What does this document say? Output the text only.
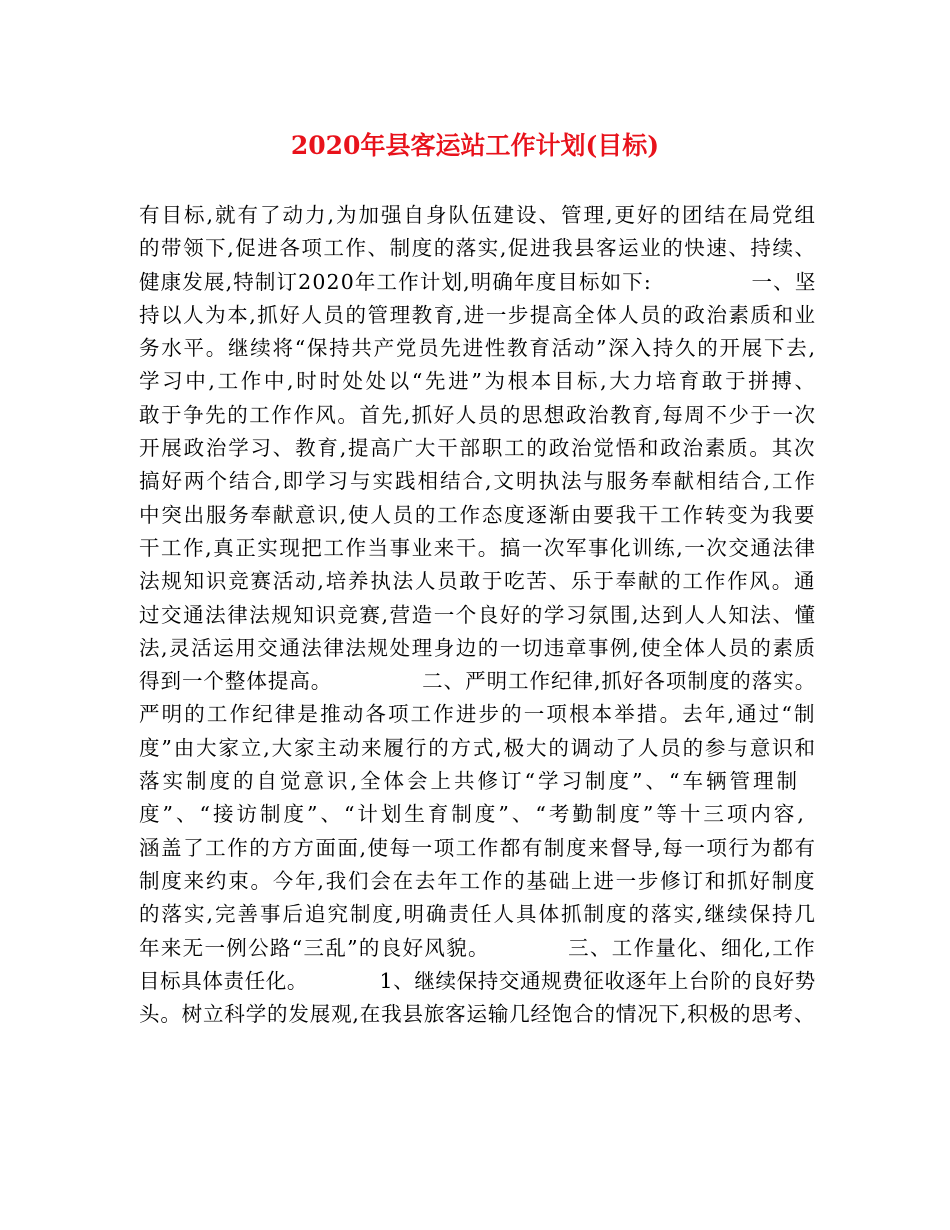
2020年县客运站工作计划(目标)
有目标,就有了动力,为加强自身队伍建设、管理,更好的团结在局党组
的带领下,促进各项工作、制度的落实,促进我县客运业的快速、持续、
健康发展,特制订2020年工作计划,明确年度目标如下:             一、坚
持以人为本,抓好人员的管理教育,进一步提高全体人员的政治素质和业
务水平。继续将“保持共产党员先进性教育活动”深入持久的开展下去,
学习中,工作中,时时处处以“先进”为根本目标,大力培育敢于拼搏、
敢于争先的工作作风。首先,抓好人员的思想政治教育,每周不少于一次
开展政治学习、教育,提高广大干部职工的政治觉悟和政治素质。其次
搞好两个结合,即学习与实践相结合,文明执法与服务奉献相结合,工作
中突出服务奉献意识,使人员的工作态度逐渐由要我干工作转变为我要
干工作,真正实现把工作当事业来干。搞一次军事化训练,一次交通法律
法规知识竞赛活动,培养执法人员敢于吃苦、乐于奉献的工作作风。通
过交通法律法规知识竞赛,营造一个良好的学习氛围,达到人人知法、懂
法,灵活运用交通法律法规处理身边的一切违章事例,使全体人员的素质
得到一个整体提高。            二、严明工作纪律,抓好各项制度的落实。
严明的工作纪律是推动各项工作进步的一项根本举措。去年,通过“制
度”由大家立,大家主动来履行的方式,极大的调动了人员的参与意识和
落实制度的自觉意识,全体会上共修订“学习制度”、“车辆管理制
度”、“接访制度”、“计划生育制度”、“考勤制度”等十三项内容,
涵盖了工作的方方面面,使每一项工作都有制度来督导,每一项行为都有
制度来约束。今年,我们会在去年工作的基础上进一步修订和抓好制度
的落实,完善事后追究制度,明确责任人具体抓制度的落实,继续保持几
年来无一例公路“三乱”的良好风貌。          三、工作量化、细化,工作
目标具体责任化。          1、继续保持交通规费征收逐年上台阶的良好势
头。树立科学的发展观,在我县旅客运输几经饱合的情况下,积极的思考、
